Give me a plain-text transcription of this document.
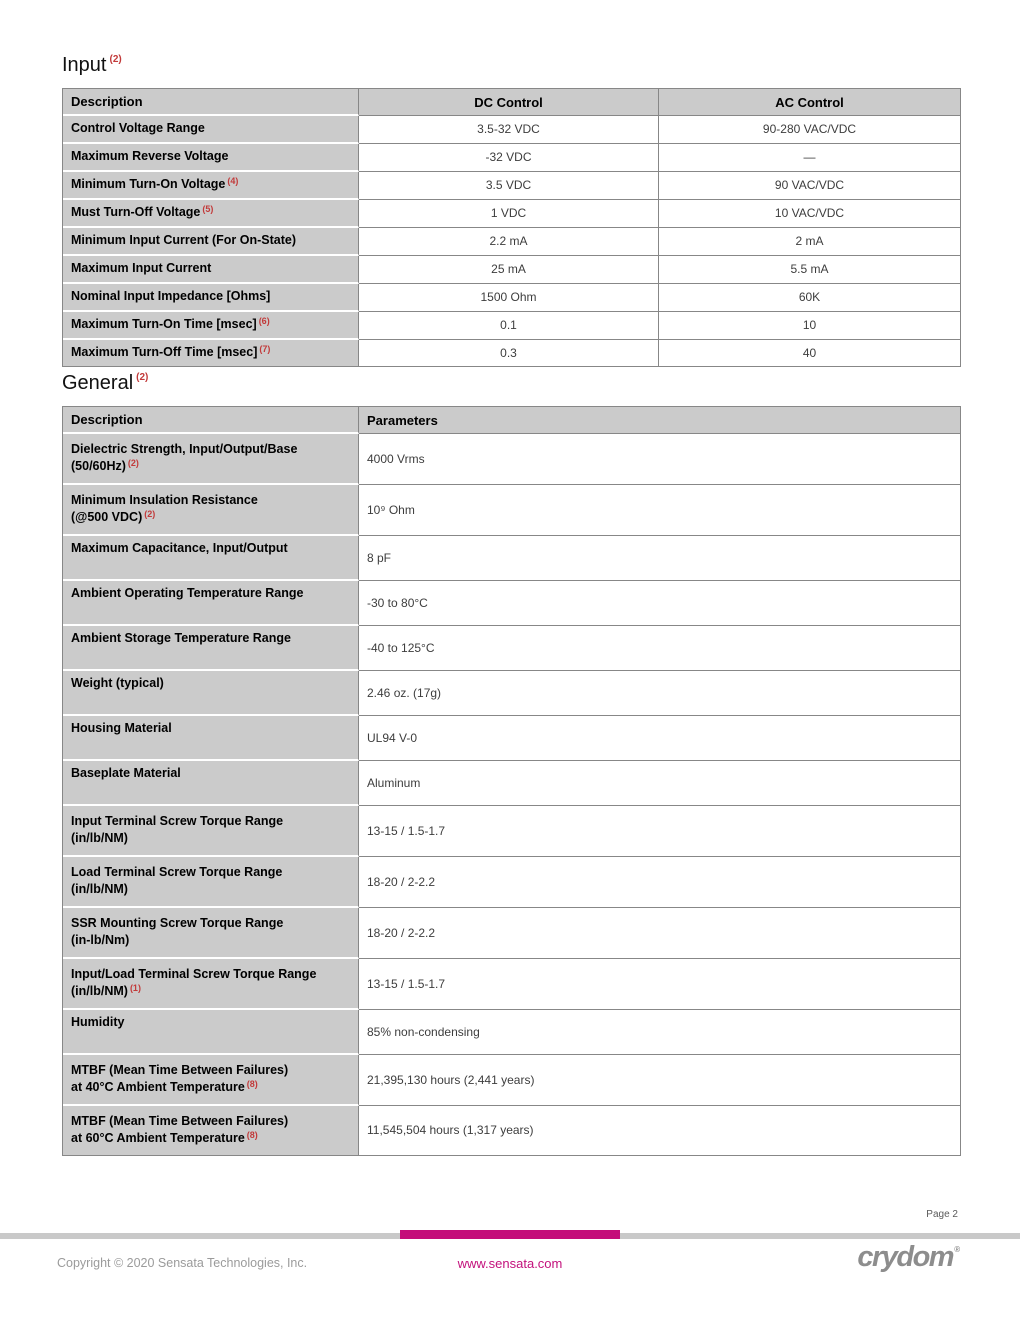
Input $^{(2)}$
Description	DC Control	AC Control
Control Voltage Range	3.5-32 VDC	90-280 VAC/VDC
Maximum Reverse Voltage	-32 VDC	—
Minimum Turn-On Voltage $^{(4)}$	3.5 VDC	90 VAC/VDC
Must Turn-Off Voltage $^{(5)}$	1 VDC	10 VAC/VDC
Minimum Input Current (For On-State)	2.2 mA	2 mA
Maximum Input Current	25 mA	5.5 mA
Nominal Input Impedance [Ohms]	1500 Ohm	60K
Maximum Turn-On Time [msec] $^{(6)}$	0.1	10
Maximum Turn-Off Time [msec] $^{(7)}$	0.3	40
General $^{(2)}$
Description	Parameters

Dielectric Strength, Input/Output/Base
(50/60Hz) $^{(2)}$	4000 Vrms

Minimum Insulation Resistance
(@500 VDC) $^{(2)}$	10⁹ Ohm

Maximum Capacitance, Input/Output	8 pF

Ambient Operating Temperature Range	-30 to 80°C

Ambient Storage Temperature Range	-40 to 125°C

Weight (typical)	2.46 oz. (17g)

Housing Material	UL94 V-0

Baseplate Material	Aluminum

Input Terminal Screw Torque Range
(in/lb/NM)	13-15 / 1.5-1.7

Load Terminal Screw Torque Range
(in/lb/NM)	18-20 / 2-2.2

SSR Mounting Screw Torque Range
(in-lb/Nm)	18-20 / 2-2.2

Input/Load Terminal Screw Torque Range
(in/lb/NM) $^{(1)}$	13-15 / 1.5-1.7

Humidity	85% non-condensing

MTBF (Mean Time Between Failures)
at 40°C Ambient Temperature $^{(8)}$	21,395,130 hours (2,441 years)

MTBF (Mean Time Between Failures)
at 60°C Ambient Temperature $^{(8)}$	11,545,504 hours (1,317 years)
Page 2
Copyright © 2020 Sensata Technologies, Inc.	www.sensata.com	crydom®
